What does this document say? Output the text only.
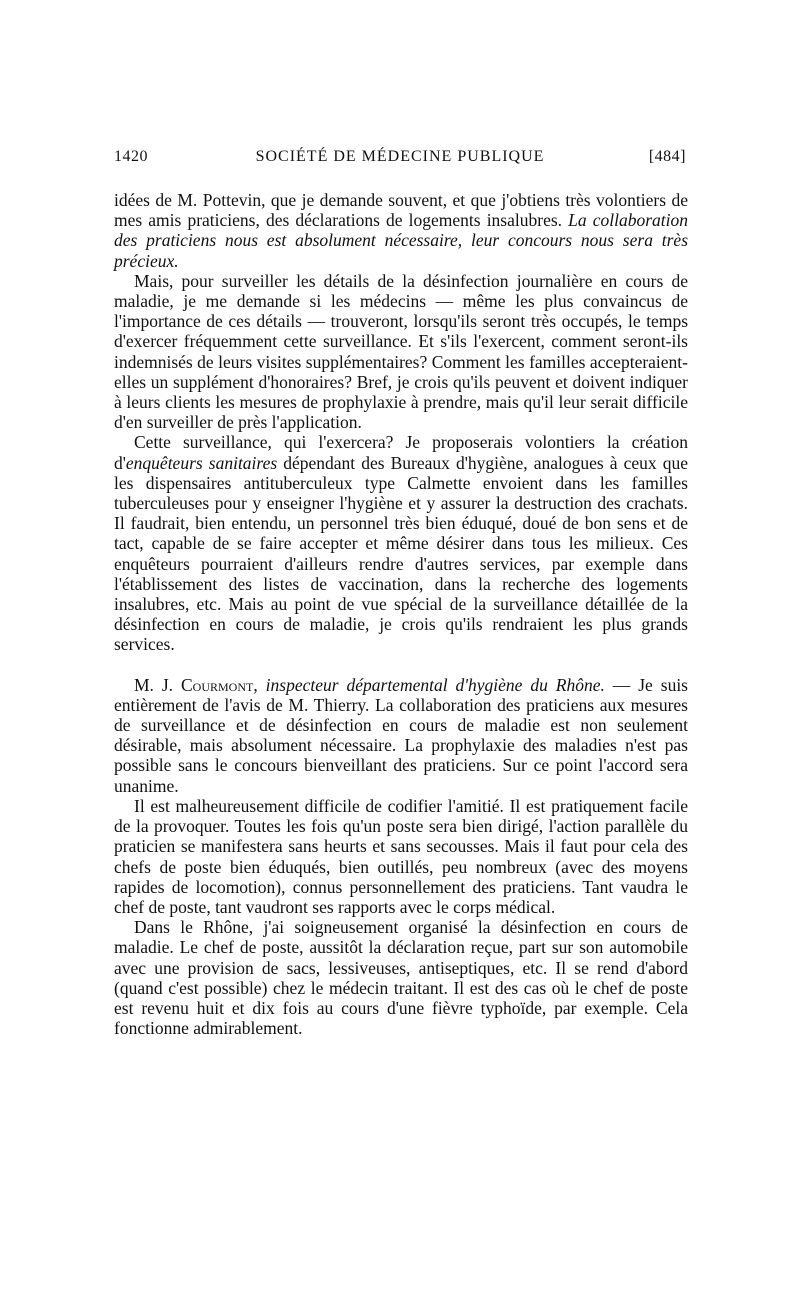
1420	SOCIÉTÉ DE MÉDECINE PUBLIQUE	[484]

idées de M. Pottevin, que je demande souvent, et que j'obtiens très volontiers de mes amis praticiens, des déclarations de logements insalubres. La collaboration des praticiens nous est absolument nécessaire, leur concours nous sera très précieux.

Mais, pour surveiller les détails de la désinfection journalière en cours de maladie, je me demande si les médecins — même les plus convaincus de l'importance de ces détails — trouveront, lorsqu'ils seront très occupés, le temps d'exercer fréquemment cette surveillance. Et s'ils l'exercent, comment seront-ils indemnisés de leurs visites supplémentaires? Comment les familles accepteraient-elles un supplément d'honoraires? Bref, je crois qu'ils peuvent et doivent indiquer à leurs clients les mesures de prophylaxie à prendre, mais qu'il leur serait difficile d'en surveiller de près l'application.

Cette surveillance, qui l'exercera? Je proposerais volontiers la création d'enquêteurs sanitaires dépendant des Bureaux d'hygiène, analogues à ceux que les dispensaires antituberculeux type Calmette envoient dans les familles tuberculeuses pour y enseigner l'hygiène et y assurer la destruction des crachats. Il faudrait, bien entendu, un personnel très bien éduqué, doué de bon sens et de tact, capable de se faire accepter et même désirer dans tous les milieux. Ces enquêteurs pourraient d'ailleurs rendre d'autres services, par exemple dans l'établissement des listes de vaccination, dans la recherche des logements insalubres, etc. Mais au point de vue spécial de la surveillance détaillée de la désinfection en cours de maladie, je crois qu'ils rendraient les plus grands services.

M. J. Courmont, inspecteur départemental d'hygiène du Rhône. — Je suis entièrement de l'avis de M. Thierry. La collaboration des praticiens aux mesures de surveillance et de désinfection en cours de maladie est non seulement désirable, mais absolument nécessaire. La prophylaxie des maladies n'est pas possible sans le concours bienveillant des praticiens. Sur ce point l'accord sera unanime.

Il est malheureusement difficile de codifier l'amitié. Il est pratiquement facile de la provoquer. Toutes les fois qu'un poste sera bien dirigé, l'action parallèle du praticien se manifestera sans heurts et sans secousses. Mais il faut pour cela des chefs de poste bien éduqués, bien outillés, peu nombreux (avec des moyens rapides de locomotion), connus personnellement des praticiens. Tant vaudra le chef de poste, tant vaudront ses rapports avec le corps médical.

Dans le Rhône, j'ai soigneusement organisé la désinfection en cours de maladie. Le chef de poste, aussitôt la déclaration reçue, part sur son automobile avec une provision de sacs, lessiveuses, antiseptiques, etc. Il se rend d'abord (quand c'est possible) chez le médecin traitant. Il est des cas où le chef de poste est revenu huit et dix fois au cours d'une fièvre typhoïde, par exemple. Cela fonctionne admirablement.
